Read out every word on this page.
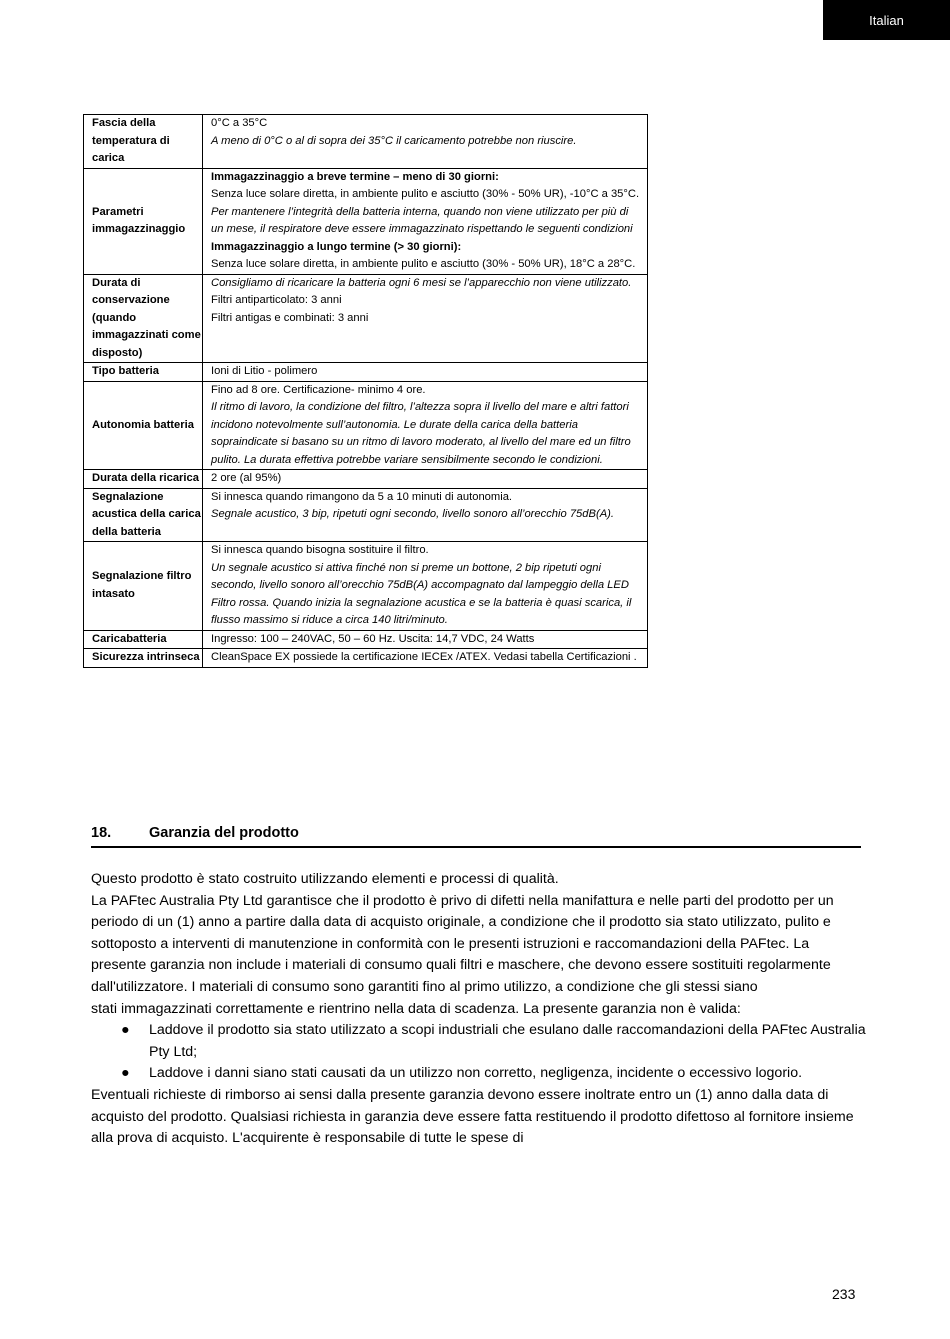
Italian
Fascia della temperatura di carica	0°C a 35°C
A meno di 0°C o al di sopra dei 35°C il caricamento potrebbe non riuscire.

Parametri immagazzinaggio	Immagazzinaggio a breve termine – meno di 30 giorni:
Senza luce solare diretta, in ambiente pulito e asciutto (30% - 50% UR), -10°C a 35°C.
Per mantenere l’integrità della batteria interna, quando non viene utilizzato per più di un mese, il respiratore deve essere immagazzinato rispettando le seguenti condizioni
Immagazzinaggio a lungo termine (> 30 giorni):
Senza luce solare diretta, in ambiente pulito e asciutto (30% - 50% UR), 18°C a 28°C.

Durata di conservazione (quando immagazzinati come disposto)	Consigliamo di ricaricare la batteria ogni 6 mesi se l’apparecchio non viene utilizzato.
Filtri antiparticolato: 3 anni
Filtri antigas e combinati: 3 anni

Tipo batteria	Ioni di Litio - polimero

Autonomia batteria	Fino ad 8 ore. Certificazione- minimo 4 ore.
Il ritmo di lavoro, la condizione del filtro, l’altezza sopra il livello del mare e altri fattori incidono notevolmente sull’autonomia. Le durate della carica della batteria sopraindicate si basano su un ritmo di lavoro moderato, al livello del mare ed un filtro pulito. La durata effettiva potrebbe variare sensibilmente secondo le condizioni.

Durata della ricarica	2 ore (al 95%)

Segnalazione acustica della carica della batteria	Si innesca quando rimangono da 5 a 10 minuti di autonomia.
Segnale acustico, 3 bip, ripetuti ogni secondo, livello sonoro all’orecchio 75dB(A).

Segnalazione filtro intasato	Si innesca quando bisogna sostituire il filtro.
Un segnale acustico si attiva finché non si preme un bottone, 2 bip ripetuti ogni secondo, livello sonoro all’orecchio 75dB(A) accompagnato dal lampeggio della LED Filtro rossa. Quando inizia la segnalazione acustica e se la batteria è quasi scarica, il flusso massimo si riduce a circa 140 litri/minuto.

Caricabatteria	Ingresso: 100 – 240VAC, 50 – 60 Hz. Uscita: 14,7 VDC, 24 Watts

Sicurezza intrinseca	CleanSpace EX possiede la certificazione IECEx /ATEX. Vedasi tabella Certificazioni .
18.	Garanzia del prodotto
Questo prodotto è stato costruito utilizzando elementi e processi di qualità.
La PAFtec Australia Pty Ltd garantisce che il prodotto è privo di difetti nella manifattura e nelle parti del prodotto per un periodo di un (1) anno a partire dalla data di acquisto originale, a condizione che il prodotto sia stato utilizzato, pulito e sottoposto a interventi di manutenzione in conformità con le presenti istruzioni e raccomandazioni della PAFtec. La presente garanzia non include i materiali di consumo quali filtri e maschere, che devono essere sostituiti regolarmente dall'utilizzatore. I materiali di consumo sono garantiti fino al primo utilizzo, a condizione che gli stessi siano
stati immagazzinati correttamente e rientrino nella data di scadenza. La presente garanzia non è valida:
● Laddove il prodotto sia stato utilizzato a scopi industriali che esulano dalle raccomandazioni della PAFtec Australia Pty Ltd;
● Laddove i danni siano stati causati da un utilizzo non corretto, negligenza, incidente o eccessivo logorio.
Eventuali richieste di rimborso ai sensi dalla presente garanzia devono essere inoltrate entro un (1) anno dalla data di acquisto del prodotto. Qualsiasi richiesta in garanzia deve essere fatta restituendo il prodotto difettoso al fornitore insieme alla prova di acquisto. L'acquirente è responsabile di tutte le spese di
233
